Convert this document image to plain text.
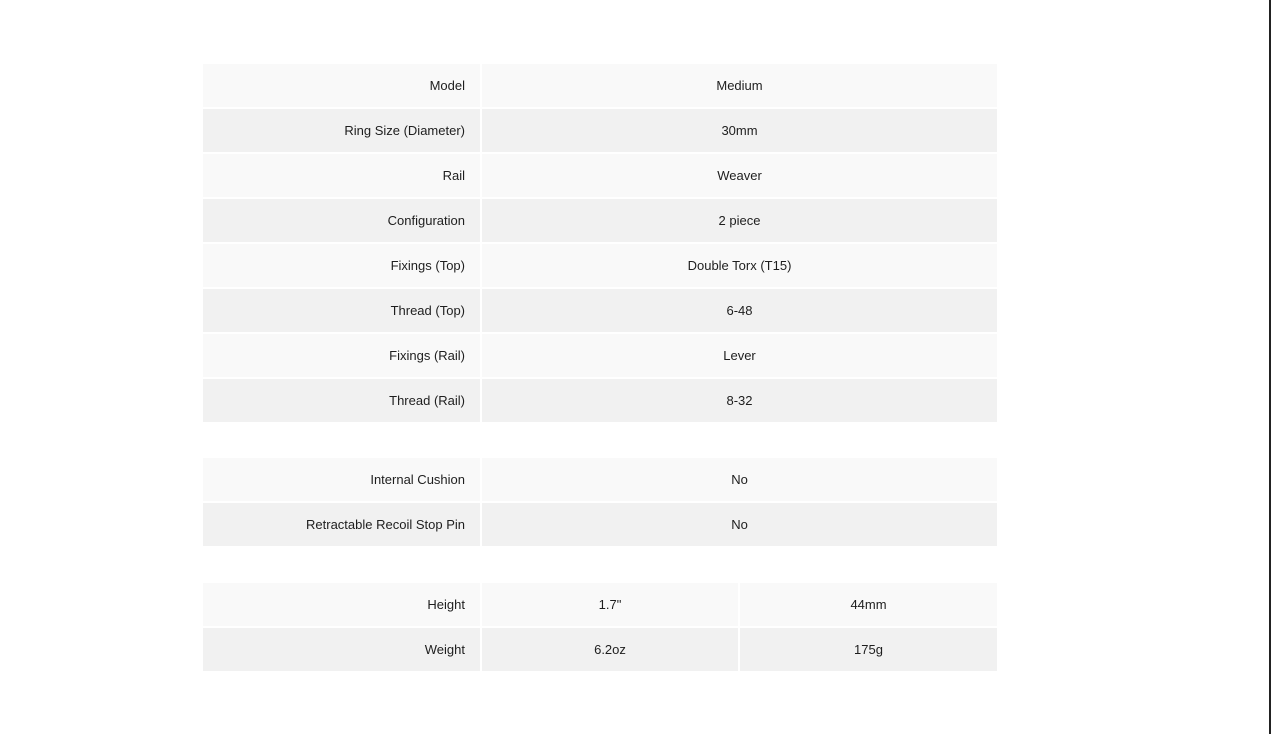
Model	Medium
Ring Size (Diameter)	30mm
Rail	Weaver
Configuration	2 piece
Fixings (Top)	Double Torx (T15)
Thread (Top)	6-48
Fixings (Rail)	Lever
Thread (Rail)	8-32
Internal Cushion	No
Retractable Recoil Stop Pin	No
Height	1.7"	44mm
Weight	6.2oz	175g
